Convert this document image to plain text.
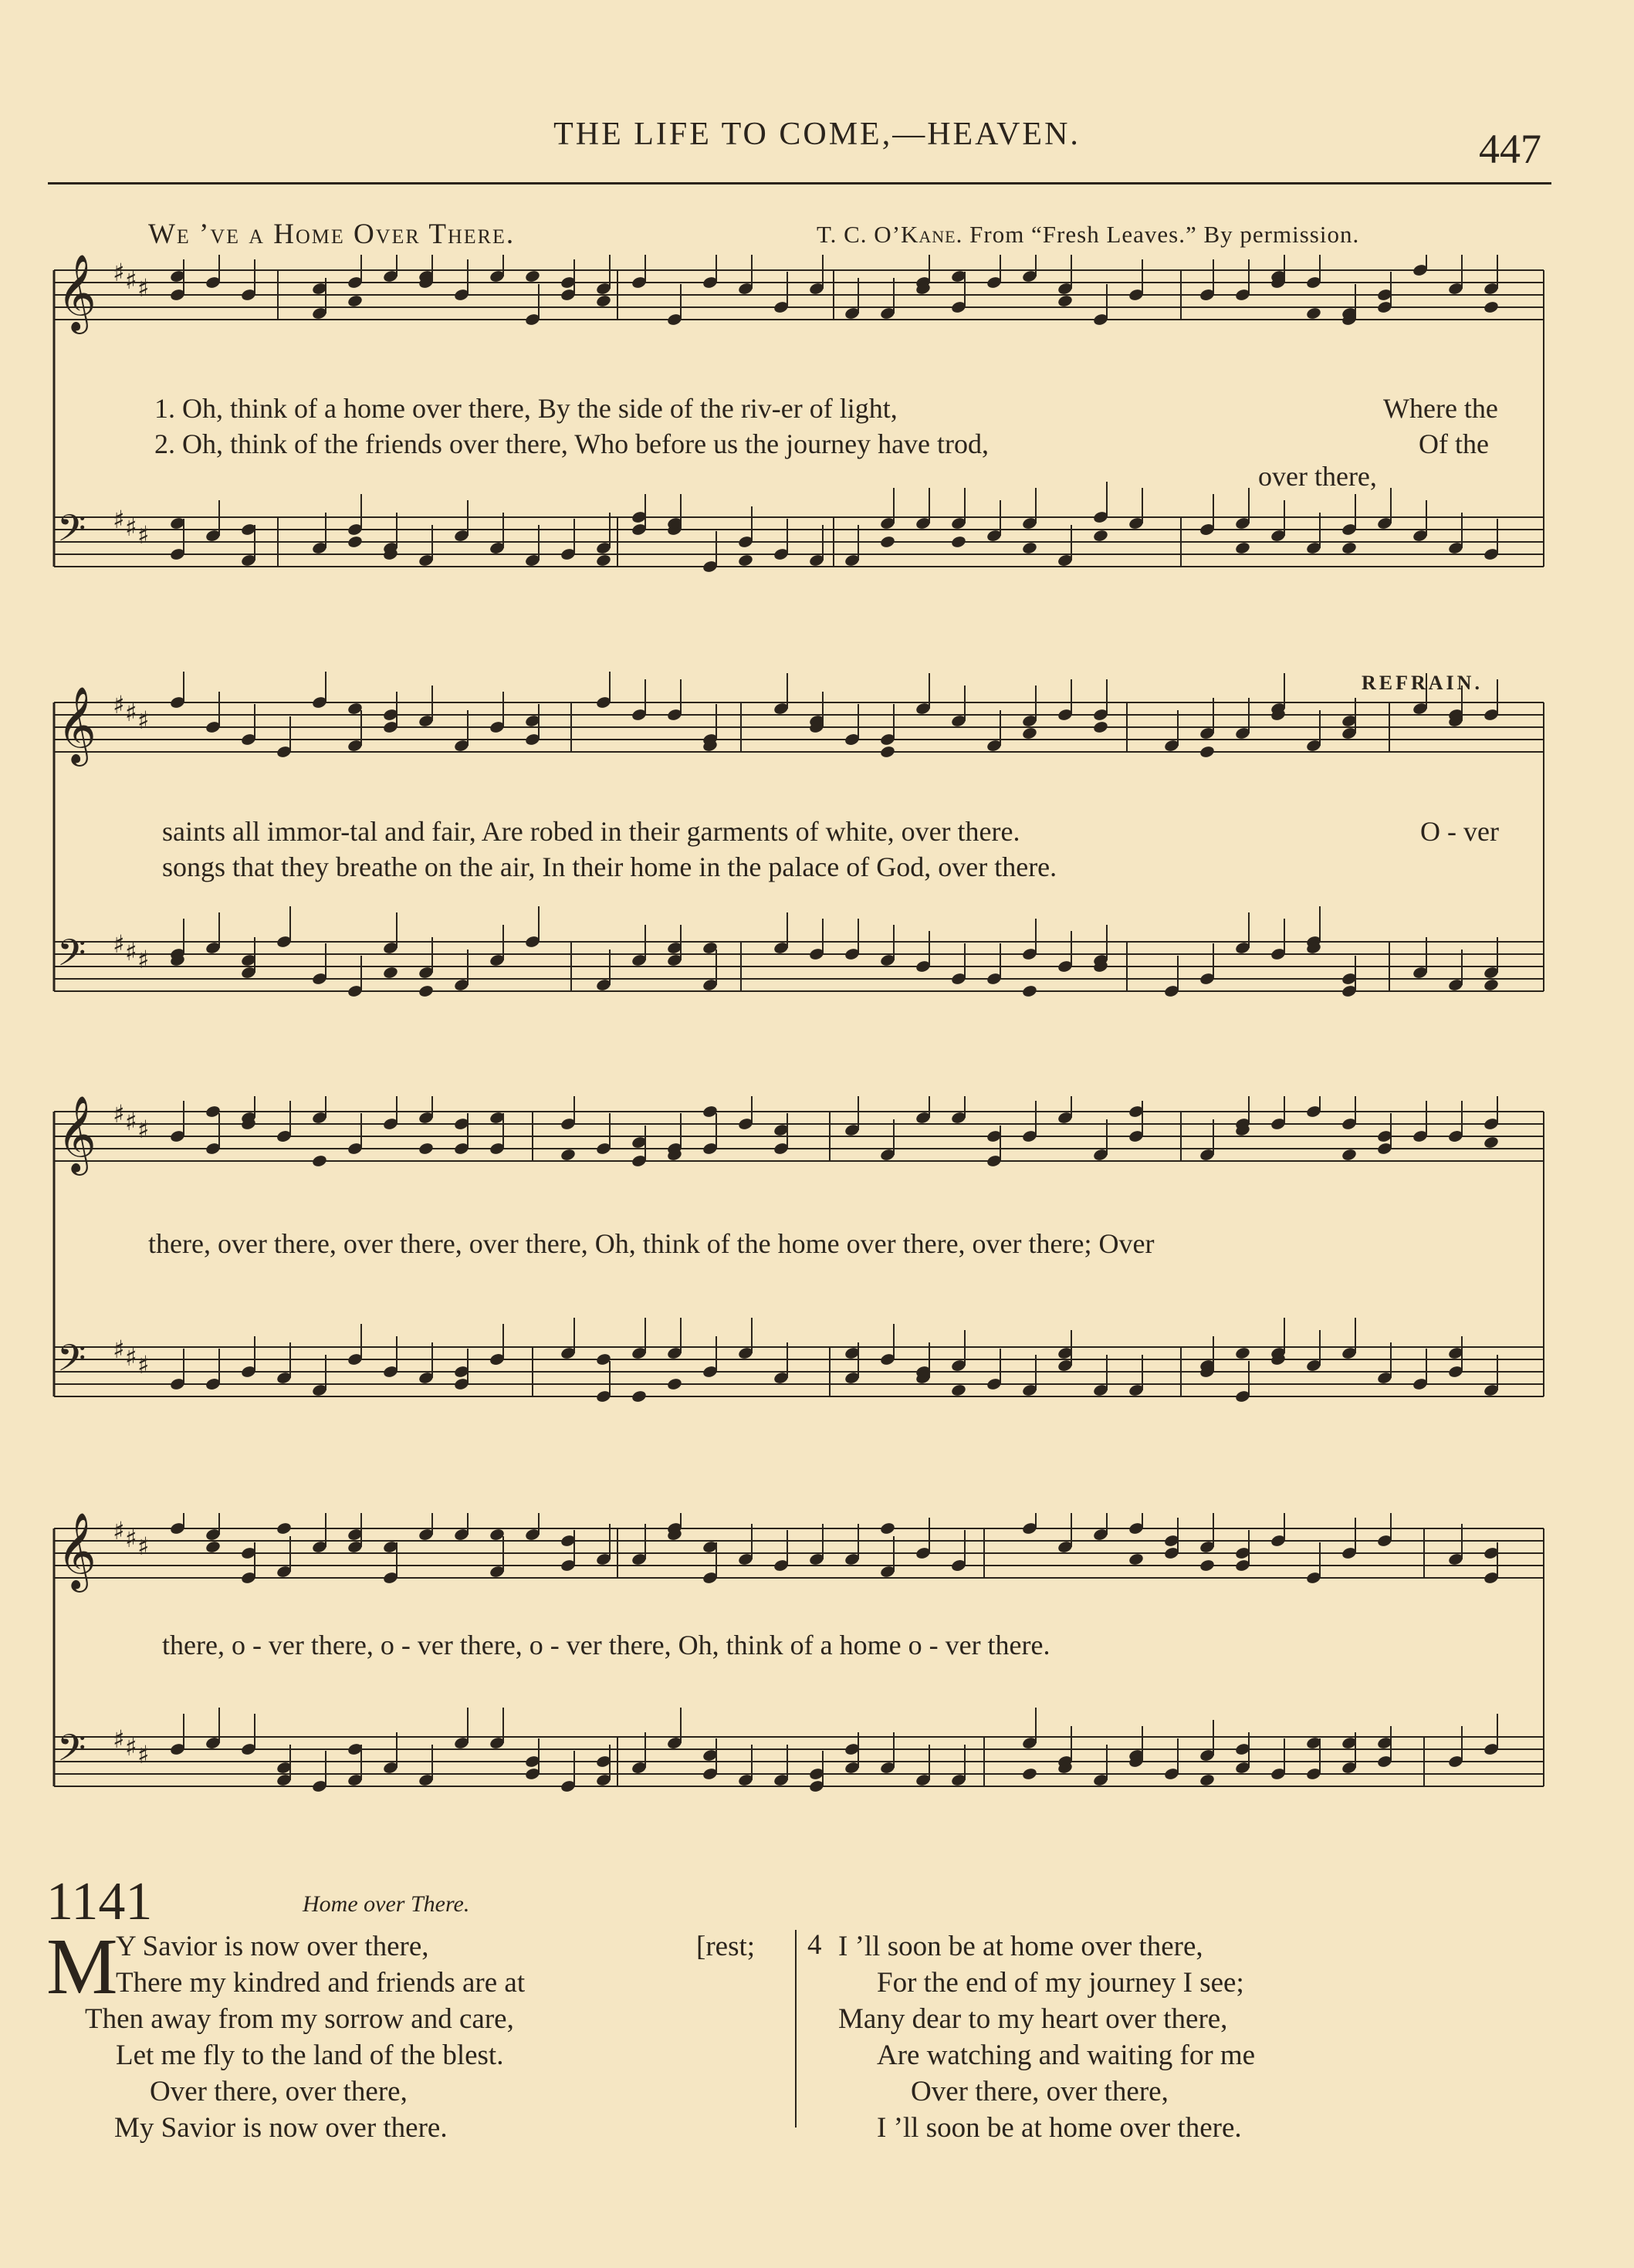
THE LIFE TO COME,—HEAVEN.	447
We ’ve a Home Over There.	T. C. O’Kane. From “Fresh Leaves.” By permission.
𝄞 ♯ ♯ ♯
𝄢 ♯ ♯ ♯
1. Oh, think of a home over there, By the side of the riv-er of light,	Where the
2. Oh, think of the friends over there, Who before us the journey have trod,	Of the
over there,
𝄞 ♯ ♯ ♯
𝄢 ♯ ♯ ♯
REFRAIN.
saints all immor-tal and fair, Are robed in their garments of white, over there.	O - ver
songs that they breathe on the air, In their home in the palace of God, over there.
𝄞 ♯ ♯ ♯
𝄢 ♯ ♯ ♯
there, over there, over there, over there, Oh, think of the home over there, over there; Over
𝄞 ♯ ♯ ♯
𝄢 ♯ ♯ ♯
there, o - ver there, o - ver there, o - ver there, Oh, think of a home o - ver there.
1141	Home over There.
M
Y Savior is now over there,	[rest;
There my kindred and friends are at
Then away from my sorrow and care,
Let me fly to the land of the blest.
Over there, over there,
My Savior is now over there.
4 I ’ll soon be at home over there,
For the end of my journey I see;
Many dear to my heart over there,
Are watching and waiting for me
Over there, over there,
I ’ll soon be at home over there.
